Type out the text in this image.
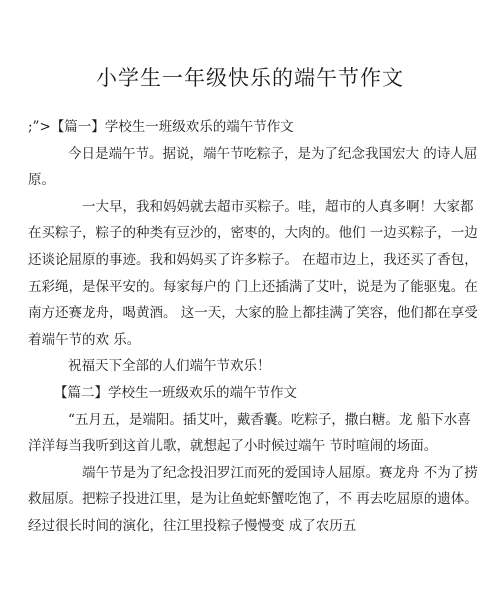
小学生一年级快乐的端午节作文

;”>【篇一】学校生一班级欢乐的端午节作文

今日是端午节。据说，端午节吃粽子，是为了纪念我国宏大 的诗人屈原。

一大早，我和妈妈就去超市买粽子。哇，超市的人真多啊！大家都在买粽子，粽子的种类有豆沙的，密枣的，大肉的。他们 一边买粽子，一边还谈论屈原的事迹。我和妈妈买了许多粽子。 在超市边上，我还买了香包，五彩绳，是保平安的。每家每户的 门上还插满了艾叶，说是为了能驱鬼。在南方还赛龙舟，喝黄酒。 这一天，大家的脸上都挂满了笑容，他们都在享受着端午节的欢 乐。

祝福天下全部的人们端午节欢乐！

【篇二】学校生一班级欢乐的端午节作文

“五月五，是端阳。插艾叶，戴香囊。吃粽子，撒白糖。龙 船下水喜洋洋每当我听到这首儿歌，就想起了小时候过端午 节时喧闹的场面。

端午节是为了纪念投汨罗江而死的爱国诗人屈原。赛龙舟 不为了捞救屈原。把粽子投进江里，是为让鱼蛇虾蟹吃饱了，不 再去吃屈原的遗体。经过很长时间的演化，往江里投粽子慢慢变 成了农历五
